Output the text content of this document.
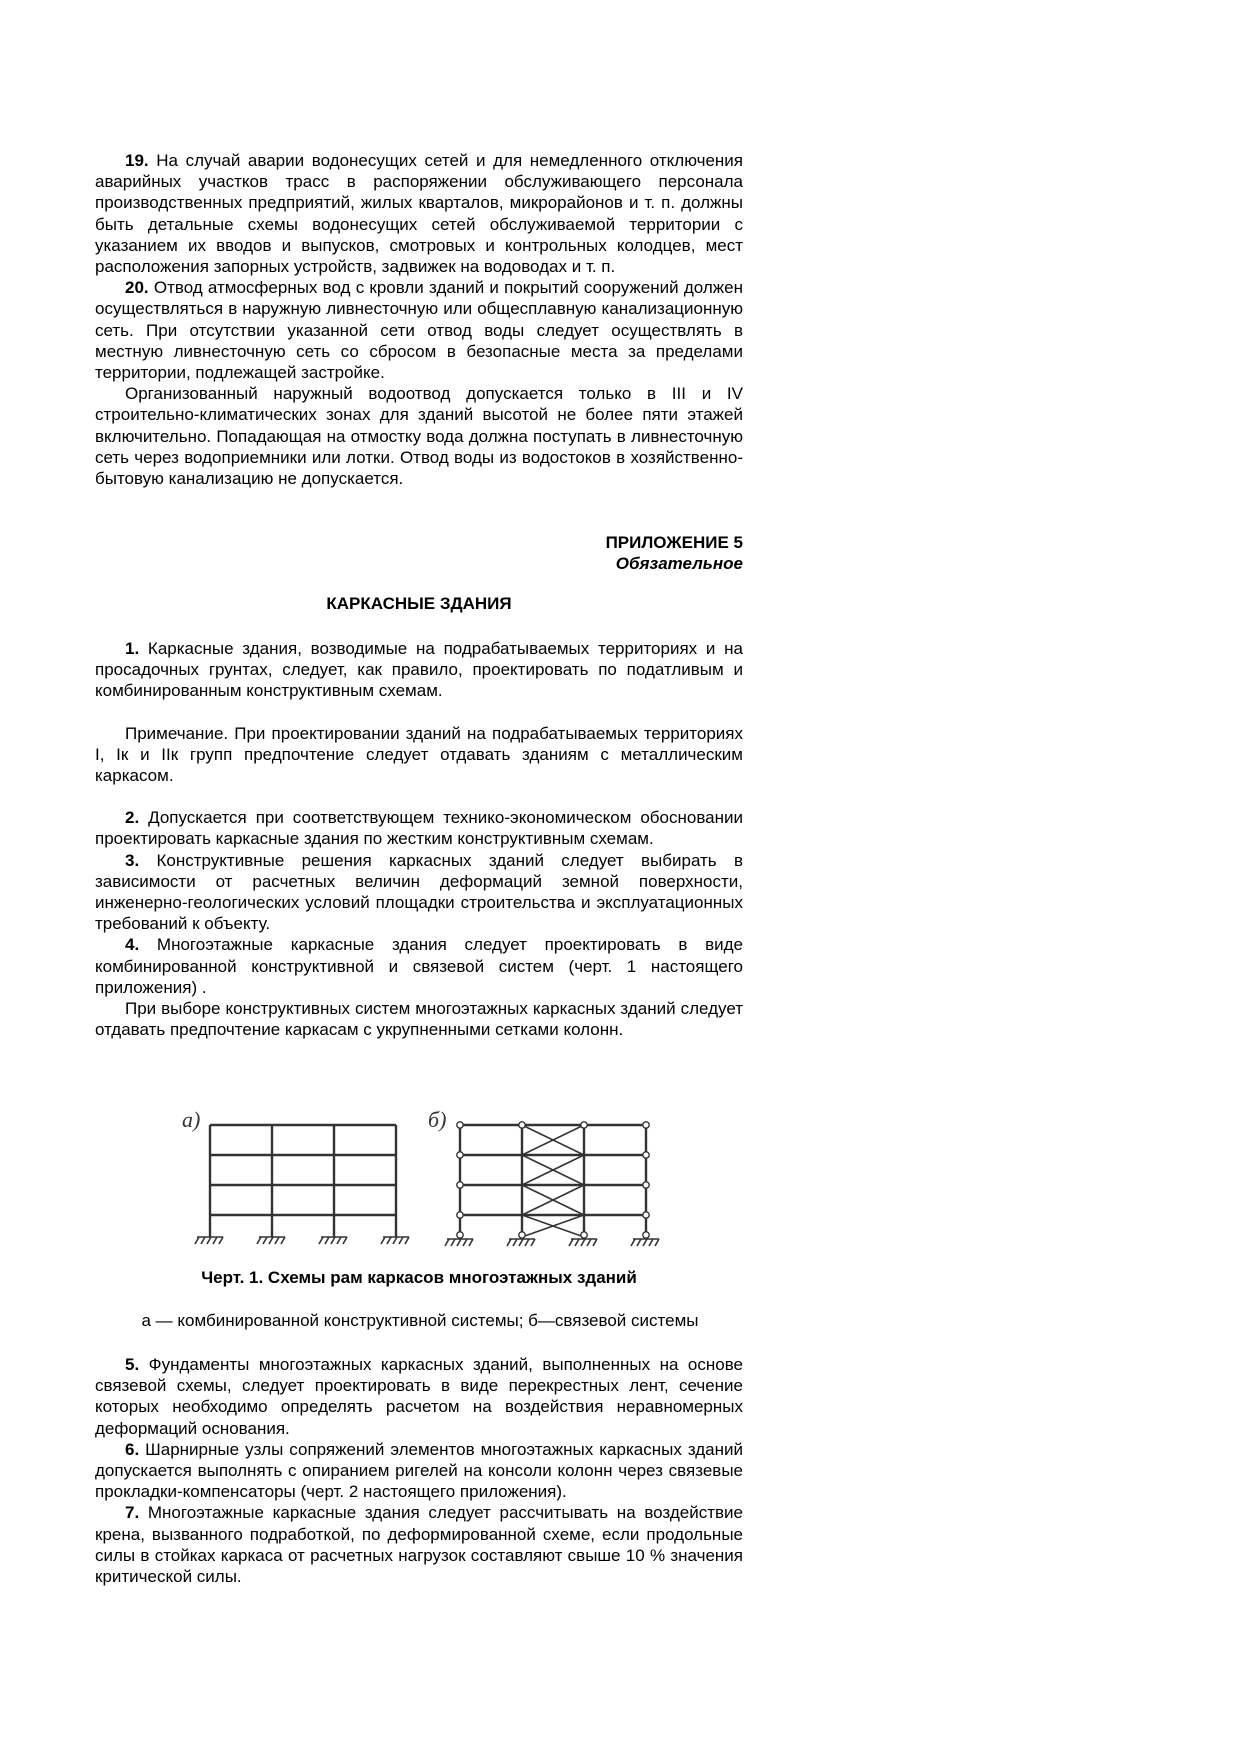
19. На случай аварии водонесущих сетей и для немедленного отключения аварийных участков трасс в распоряжении обслуживающего персонала производственных предприятий, жилых кварталов, микрорайонов и т. п. должны быть детальные схемы водонесущих сетей обслуживаемой территории с указанием их вводов и выпусков, смотровых и контрольных колодцев, мест расположения запорных устройств, задвижек на водоводах и т. п.

20. Отвод атмосферных вод с кровли зданий и покрытий сооружений должен осуществляться в наружную ливнесточную или общесплавную канализационную сеть. При отсутствии указанной сети отвод воды следует осуществлять в местную ливнесточную сеть со сбросом в безопасные места за пределами территории, подлежащей застройке.

Организованный наружный водоотвод допускается только в III и IV строительно-климатических зонах для зданий высотой не более пяти этажей включительно. Попадающая на отмостку вода должна поступать в ливнесточную сеть через водоприемники или лотки. Отвод воды из водостоков в хозяйственно-бытовую канализацию не допускается.

ПРИЛОЖЕНИЕ 5
Обязательное
КАРКАСНЫЕ ЗДАНИЯ

1. Каркасные здания, возводимые на подрабатываемых территориях и на просадочных грунтах, следует, как правило, проектировать по податливым и комбинированным конструктивным схемам.

Примечание. При проектировании зданий на подрабатываемых территориях I, Iк и IIк групп предпочтение следует отдавать зданиям с металлическим каркасом.

2. Допускается при соответствующем технико-экономическом обосновании проектировать каркасные здания по жестким конструктивным схемам.

3. Конструктивные решения каркасных зданий следует выбирать в зависимости от расчетных величин деформаций земной поверхности, инженерно-геологических условий площадки строительства и эксплуатационных требований к объекту.

4. Многоэтажные каркасные здания следует проектировать в виде комбинированной конструктивной и связевой систем (черт. 1 настоящего приложения) .

При выборе конструктивных систем многоэтажных каркасных зданий следует отдавать предпочтение каркасам с укрупненными сетками колонн.

а)	б)
Черт. 1. Схемы рам каркасов многоэтажных зданий
а — комбинированной конструктивной системы; б—связевой системы

5. Фундаменты многоэтажных каркасных зданий, выполненных на основе связевой схемы, следует проектировать в виде перекрестных лент, сечение которых необходимо определять расчетом на воздействия неравномерных деформаций основания.

6. Шарнирные узлы сопряжений элементов многоэтажных каркасных зданий допускается выполнять с опиранием ригелей на консоли колонн через связевые прокладки-компенсаторы (черт. 2 настоящего приложения).

7. Многоэтажные каркасные здания следует рассчитывать на воздействие крена, вызванного подработкой, по деформированной схеме, если продольные силы в стойках каркаса от расчетных нагрузок составляют свыше 10 % значения критической силы.
